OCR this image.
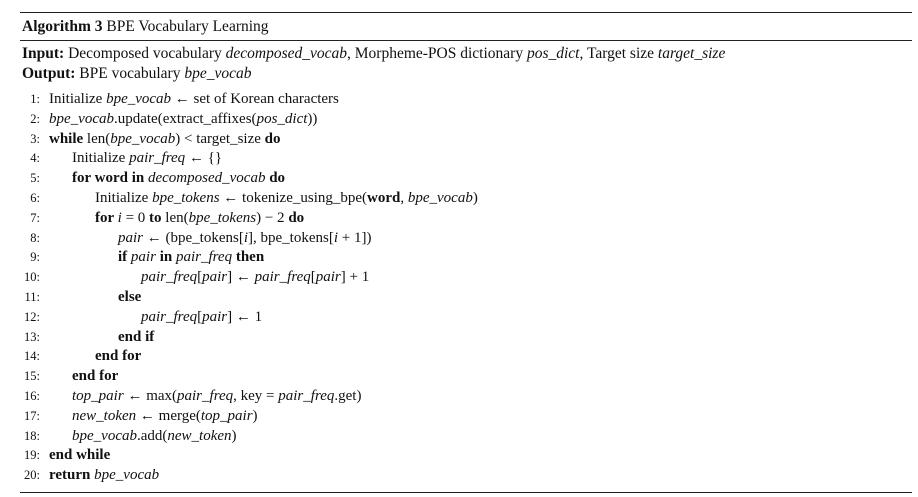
Algorithm 3 BPE Vocabulary Learning
Input: Decomposed vocabulary decomposed_vocab, Morpheme-POS dictionary pos_dict, Target size target_size
Output: BPE vocabulary bpe_vocab
1: Initialize bpe_vocab ← set of Korean characters
2: bpe_vocab.update(extract_affixes(pos_dict))
3: while len(bpe_vocab) < target_size do
4: Initialize pair_freq ← {}
5: for word in decomposed_vocab do
6:	Initialize bpe_tokens ← tokenize_using_bpe(word, bpe_vocab)
7:	for i = 0 to len(bpe_tokens) − 2 do
8:	pair ← (bpe_tokens[i], bpe_tokens[i + 1])
9:	if pair in pair_freq then
10:	pair_freq[pair] ← pair_freq[pair] + 1
11:	else
12:	pair_freq[pair] ← 1
13:	end if
14:	end for
15: end for
16: top_pair ← max(pair_freq, key = pair_freq.get)
17: new_token ← merge(top_pair)
18: bpe_vocab.add(new_token)
19: end while
20: return bpe_vocab
